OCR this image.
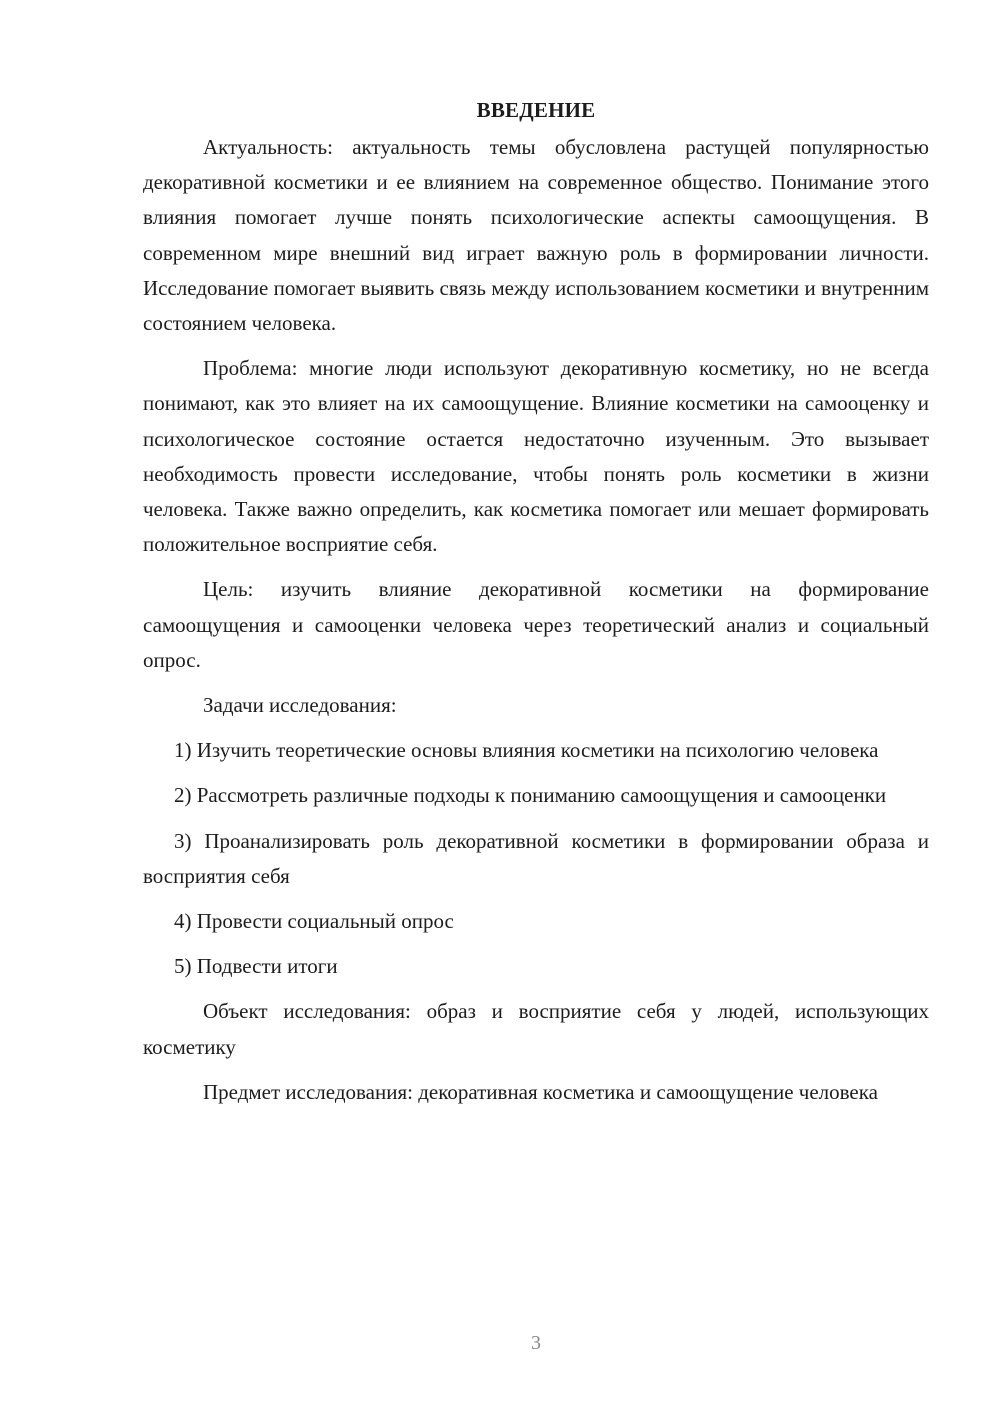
ВВЕДЕНИЕ

Актуальность: актуальность темы обусловлена растущей популярностью декоративной косметики и ее влиянием на современное общество. Понимание этого влияния помогает лучше понять психологические аспекты самоощущения. В современном мире внешний вид играет важную роль в формировании личности. Исследование помогает выявить связь между использованием косметики и внутренним состоянием человека.

Проблема: многие люди используют декоративную косметику, но не всегда понимают, как это влияет на их самоощущение. Влияние косметики на самооценку и психологическое состояние остается недостаточно изученным. Это вызывает необходимость провести исследование, чтобы понять роль косметики в жизни человека. Также важно определить, как косметика помогает или мешает формировать положительное восприятие себя.

Цель: изучить влияние декоративной косметики на формирование самоощущения и самооценки человека через теоретический анализ и социальный опрос.

Задачи исследования:

1) Изучить теоретические основы влияния косметики на психологию человека

2) Рассмотреть различные подходы к пониманию самоощущения и самооценки

3) Проанализировать роль декоративной косметики в формировании образа и восприятия себя

4) Провести социальный опрос

5) Подвести итоги

Объект исследования: образ и восприятие себя у людей, использующих косметику

Предмет исследования: декоративная косметика и самоощущение человека

3
